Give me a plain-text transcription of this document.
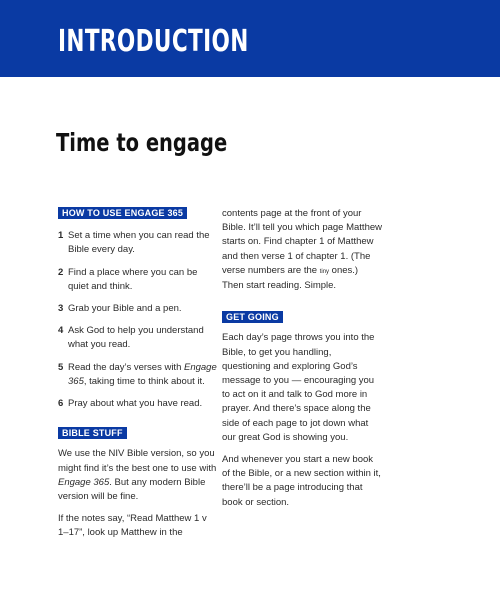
INTRODUCTION
Time to engage
HOW TO USE ENGAGE 365
1 Set a time when you can read the Bible every day.
2 Find a place where you can be quiet and think.
3 Grab your Bible and a pen.
4 Ask God to help you understand what you read.
5 Read the day’s verses with Engage 365, taking time to think about it.
6 Pray about what you have read.
BIBLE STUFF

We use the NIV Bible version, so you might find it’s the best one to use with Engage 365. But any modern Bible version will be fine.

If the notes say, “Read Matthew 1 v 1–17”, look up Matthew in the

contents page at the front of your Bible. It’ll tell you which page Matthew starts on. Find chapter 1 of Matthew and then verse 1 of chapter 1. (The verse numbers are the tiny ones.) Then start reading. Simple.

GET GOING

Each day’s page throws you into the Bible, to get you handling, questioning and exploring God’s message to you — encouraging you to act on it and talk to God more in prayer. And there’s space along the side of each page to jot down what our great God is showing you.

And whenever you start a new book of the Bible, or a new section within it, there’ll be a page introducing that book or section.
